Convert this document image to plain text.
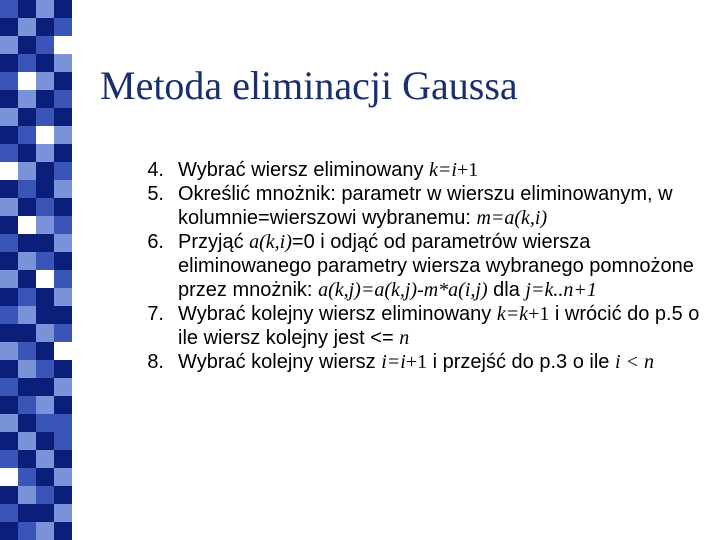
Metoda eliminacji Gaussa
4. Wybrać wiersz eliminowany k=i+1
5. Określić mnożnik: parametr w wierszu eliminowanym, w kolumnie=wierszowi wybranemu: m=a(k,i)
6. Przyjąć a(k,i)=0 i odjąć od parametrów wiersza eliminowanego parametry wiersza wybranego pomnożone przez mnożnik: a(k,j)=a(k,j)-m*a(i,j) dla j=k..n+1
7. Wybrać kolejny wiersz eliminowany k=k+1 i wrócić do p.5 o ile wiersz kolejny jest <= n
8. Wybrać kolejny wiersz i=i+1 i przejść do p.3 o ile i < n
